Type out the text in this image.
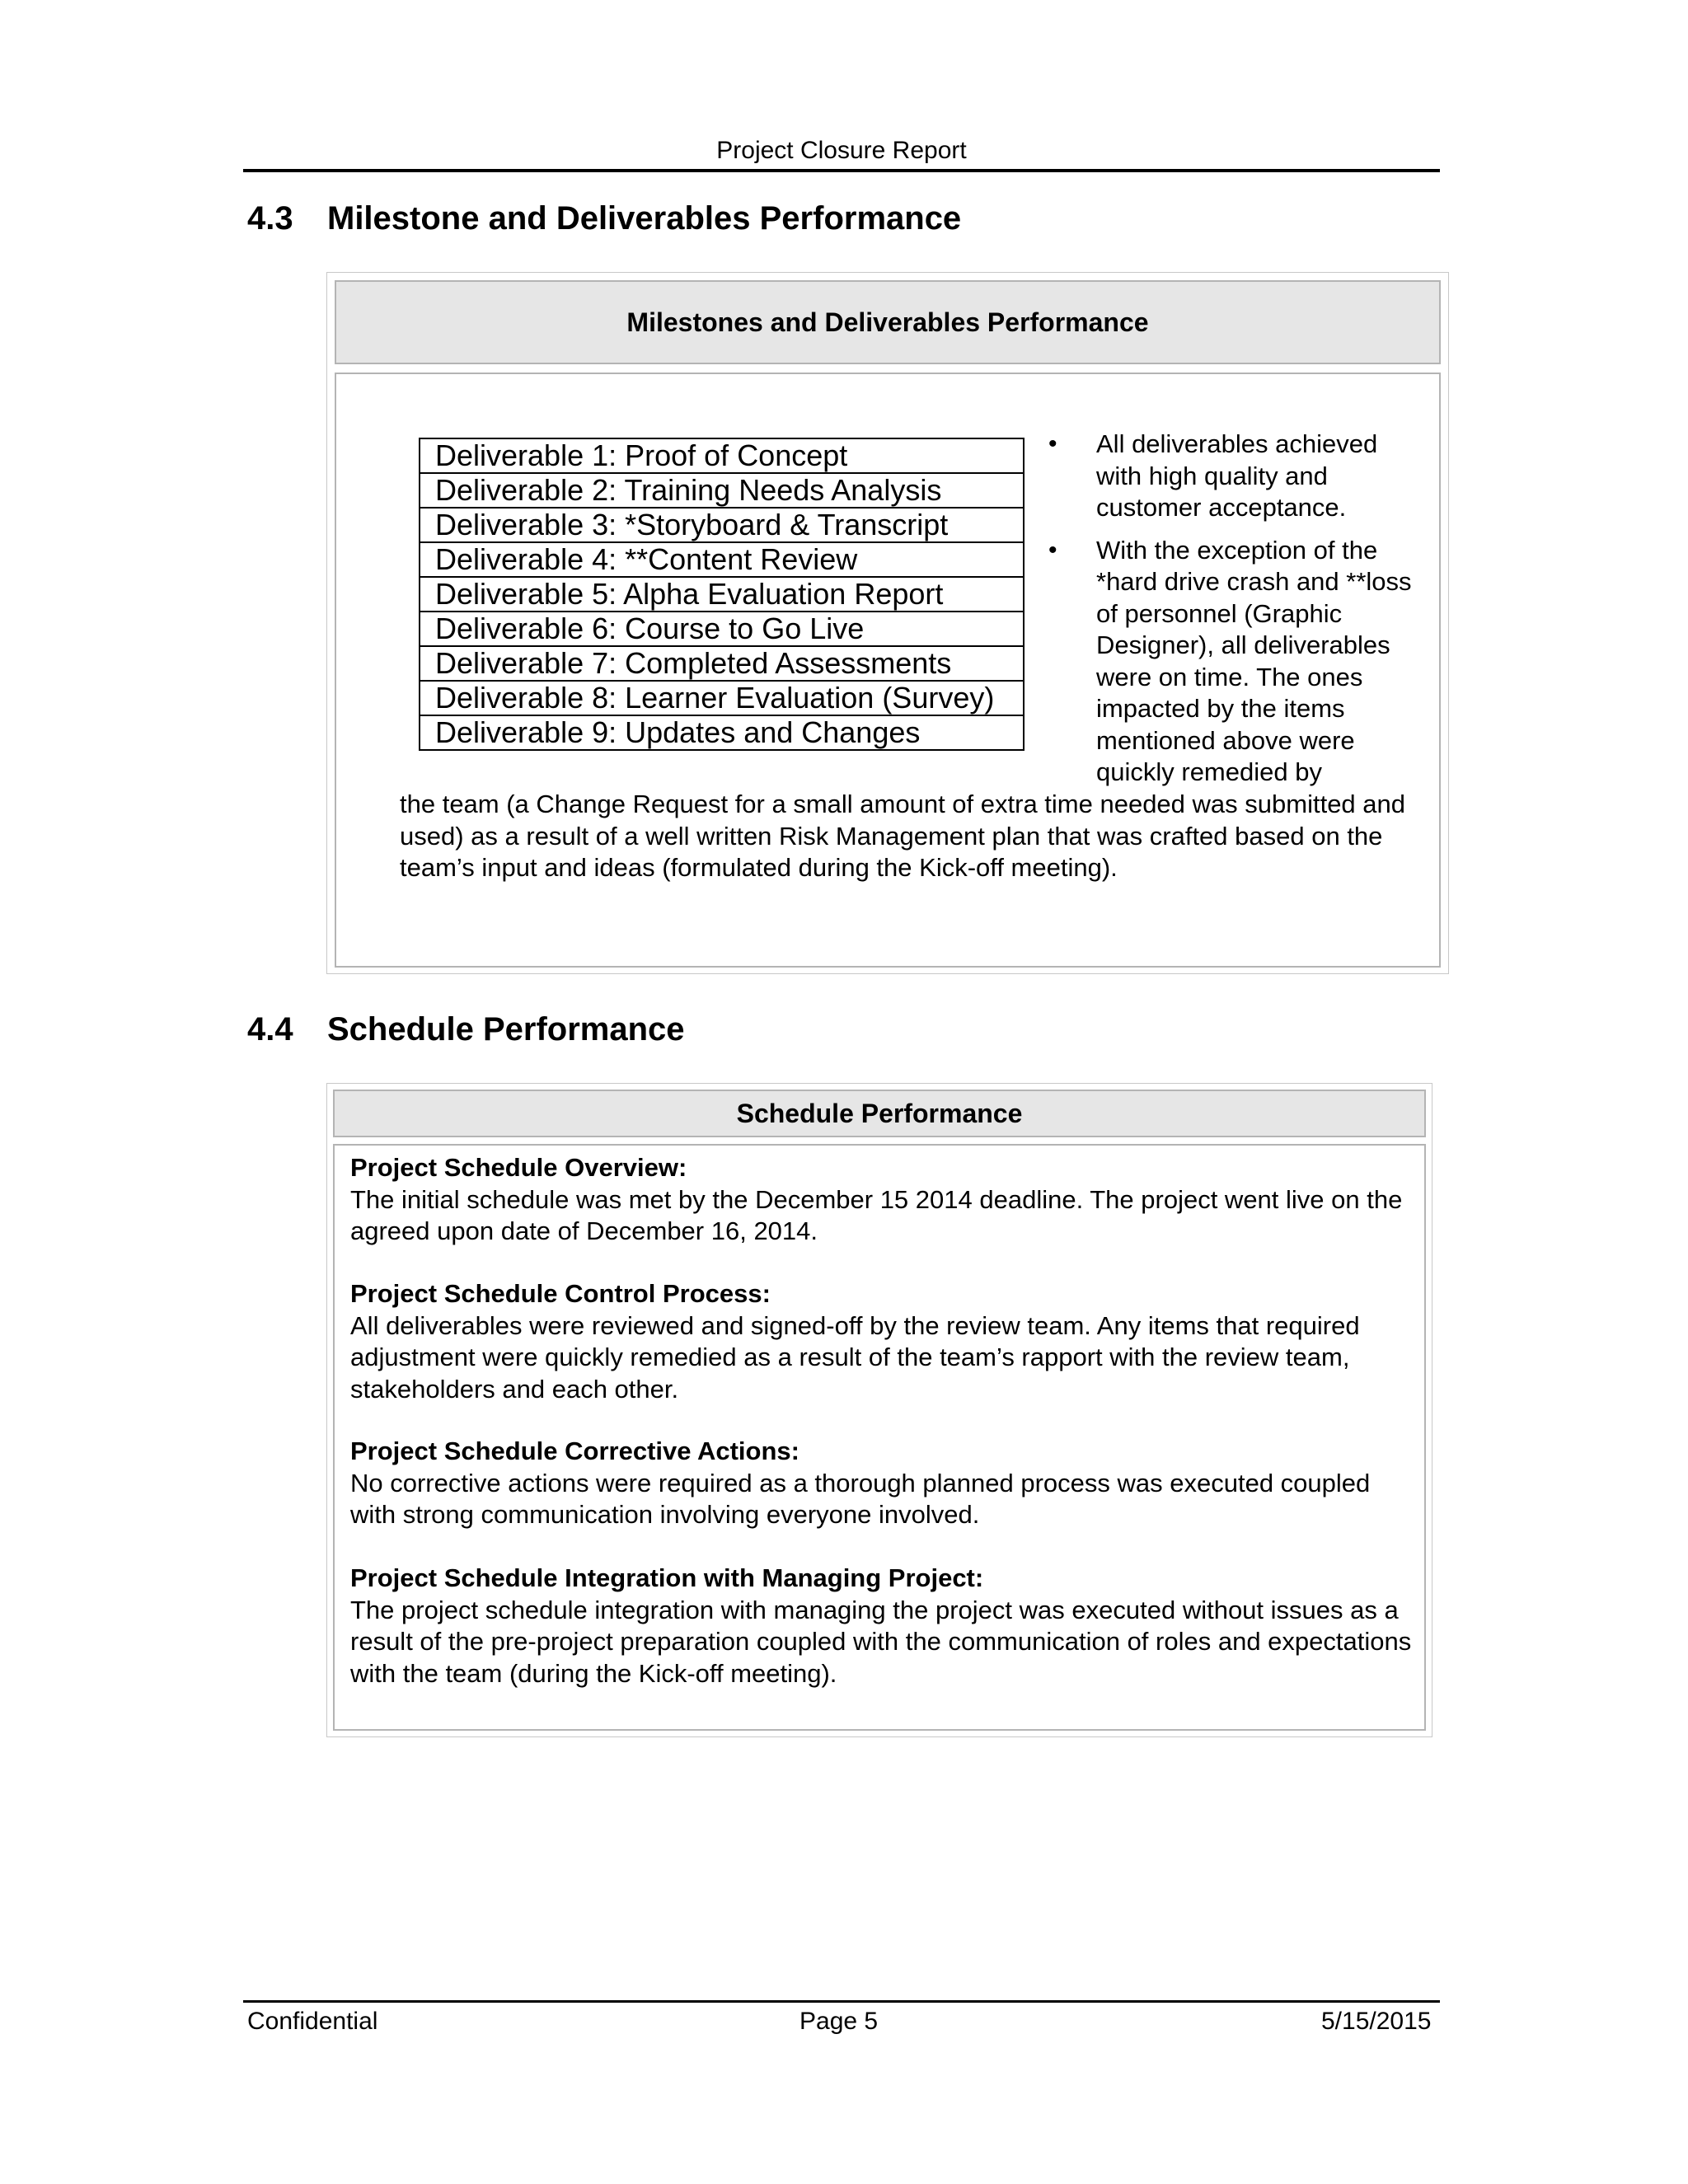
Project Closure Report
4.3 Milestone and Deliverables Performance
Milestones and Deliverables Performance
Deliverable 1: Proof of Concept
Deliverable 2: Training Needs Analysis
Deliverable 3: *Storyboard & Transcript
Deliverable 4: **Content Review
Deliverable 5: Alpha Evaluation Report
Deliverable 6: Course to Go Live
Deliverable 7: Completed Assessments
Deliverable 8: Learner Evaluation (Survey)
Deliverable 9: Updates and Changes
• All deliverables achieved with high quality and customer acceptance.
• With the exception of the *hard drive crash and **loss of personnel (Graphic Designer), all deliverables were on time. The ones impacted by the items mentioned above were quickly remedied by
the team (a Change Request for a small amount of extra time needed was submitted and used) as a result of a well written Risk Management plan that was crafted based on the team’s input and ideas (formulated during the Kick-off meeting).
4.4 Schedule Performance
Schedule Performance
Project Schedule Overview:
The initial schedule was met by the December 15 2014 deadline. The project went live on the agreed upon date of December 16, 2014.
Project Schedule Control Process:
All deliverables were reviewed and signed-off by the review team. Any items that required adjustment were quickly remedied as a result of the team’s rapport with the review team, stakeholders and each other.
Project Schedule Corrective Actions:
No corrective actions were required as a thorough planned process was executed coupled with strong communication involving everyone involved.
Project Schedule Integration with Managing Project:
The project schedule integration with managing the project was executed without issues as a result of the pre-project preparation coupled with the communication of roles and expectations with the team (during the Kick-off meeting).
Confidential	Page 5	5/15/2015
